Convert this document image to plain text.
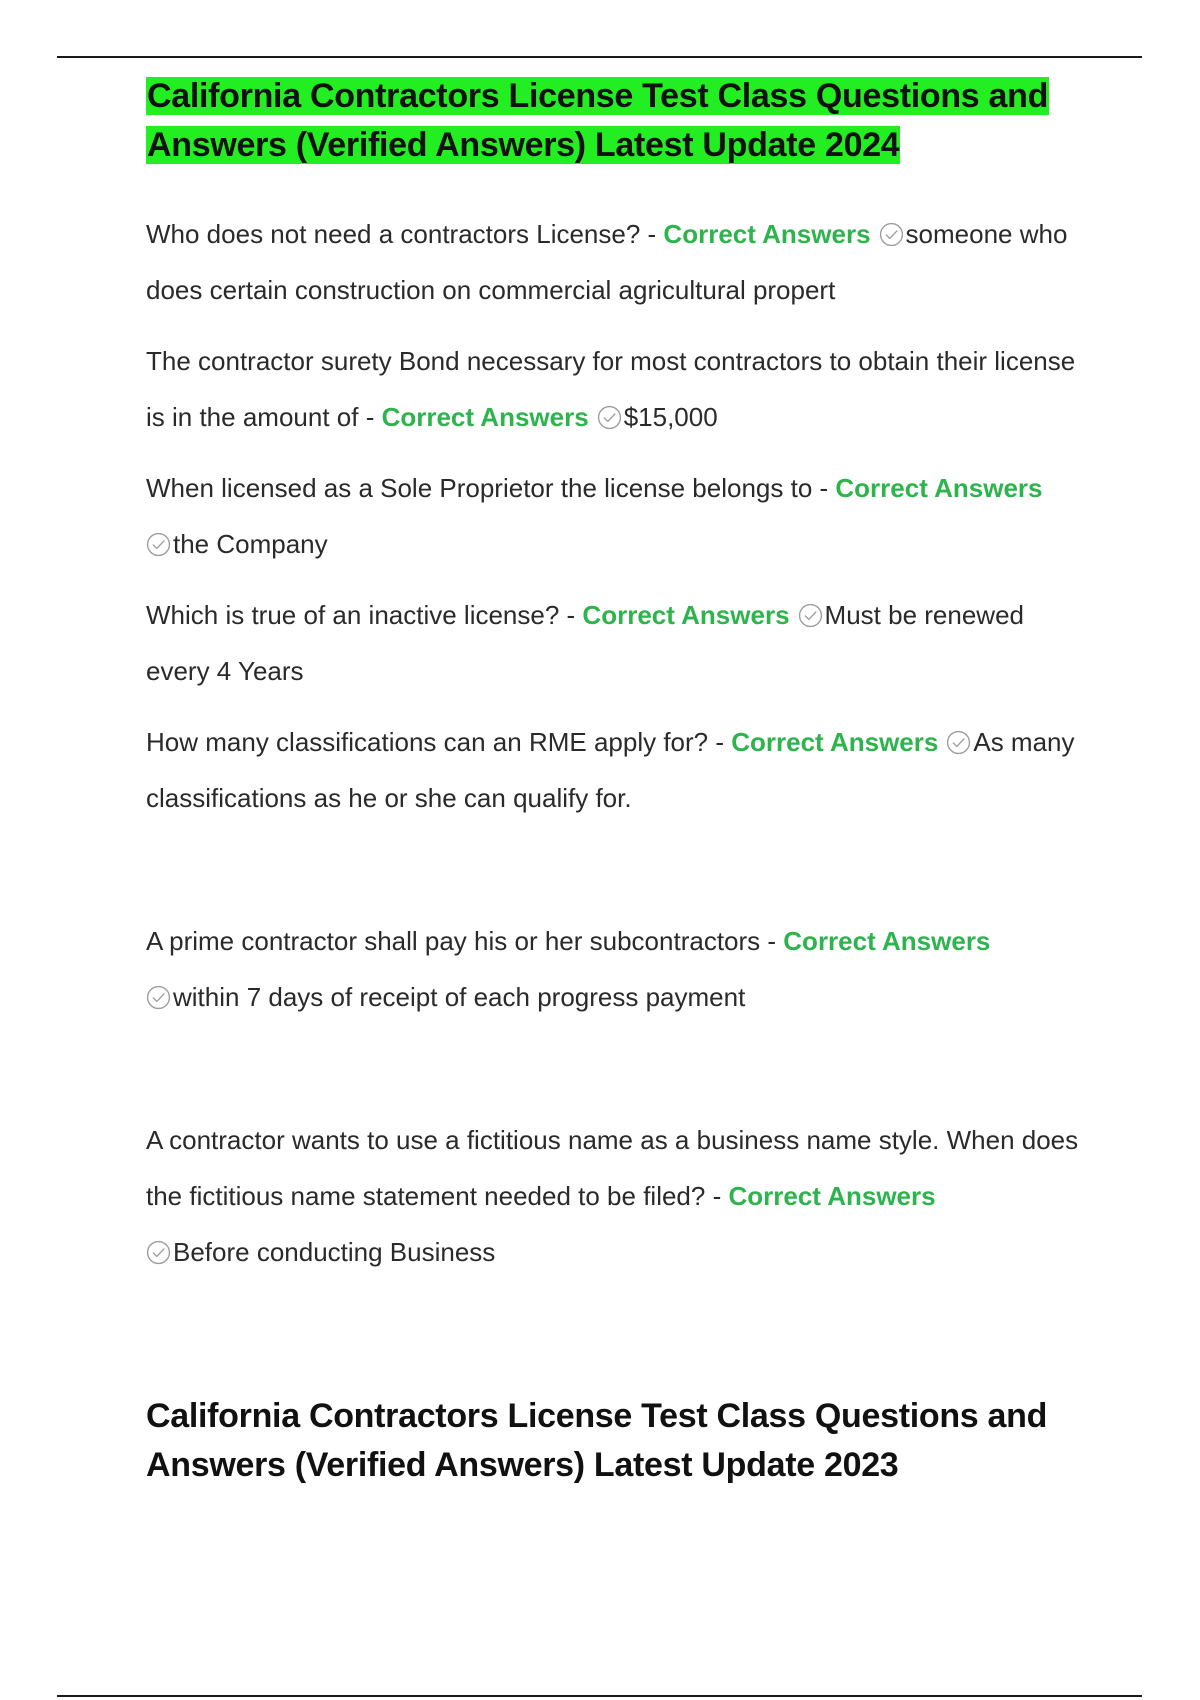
California Contractors License Test Class Questions and Answers (Verified Answers) Latest Update 2024

Who does not need a contractors License? - Correct Answers someone who does certain construction on commercial agricultural propert

The contractor surety Bond necessary for most contractors to obtain their license is in the amount of - Correct Answers $15,000

When licensed as a Sole Proprietor the license belongs to - Correct Answers

the Company

Which is true of an inactive license? - Correct Answers Must be renewed every 4 Years

How many classifications can an RME apply for? - Correct Answers As many classifications as he or she can qualify for.

A prime contractor shall pay his or her subcontractors - Correct Answers

within 7 days of receipt of each progress payment

A contractor wants to use a fictitious name as a business name style. When does the fictitious name statement needed to be filed? - Correct Answers

Before conducting Business

California Contractors License Test Class Questions and Answers (Verified Answers) Latest Update 2023
